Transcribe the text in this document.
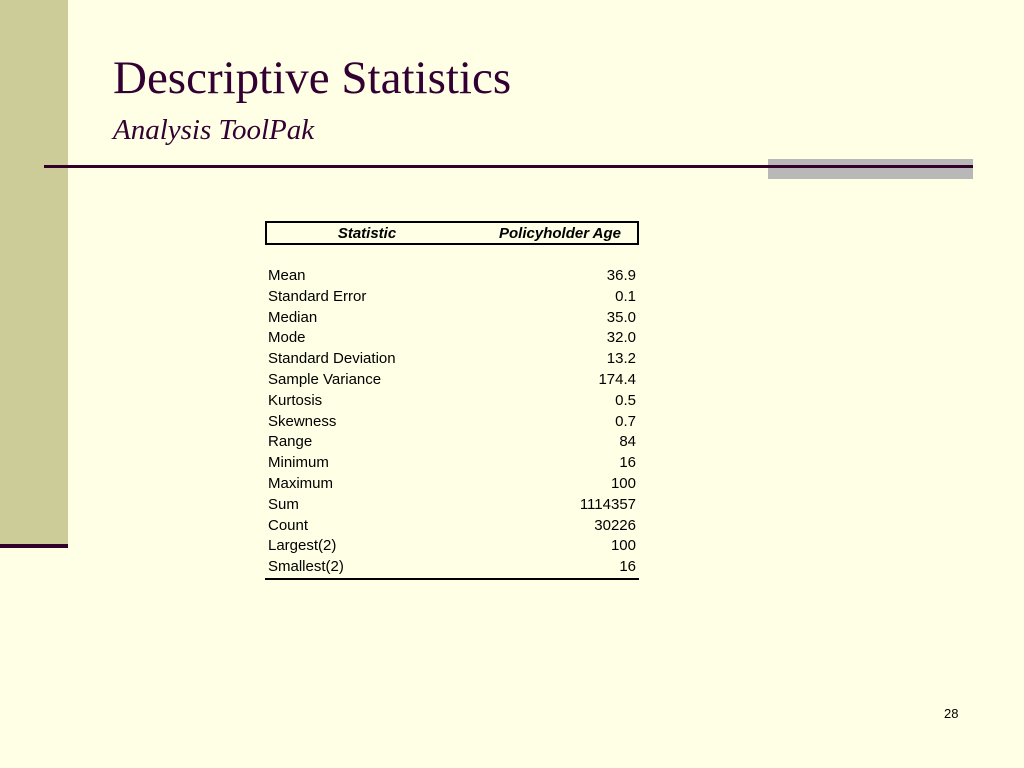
Descriptive Statistics
Analysis ToolPak
Statistic	Policyholder Age
Mean	36.9
Standard Error	0.1
Median	35.0
Mode	32.0
Standard Deviation	13.2
Sample Variance	174.4
Kurtosis	0.5
Skewness	0.7
Range	84
Minimum	16
Maximum	100
Sum	1114357
Count	30226
Largest(2)	100
Smallest(2)	16
28
